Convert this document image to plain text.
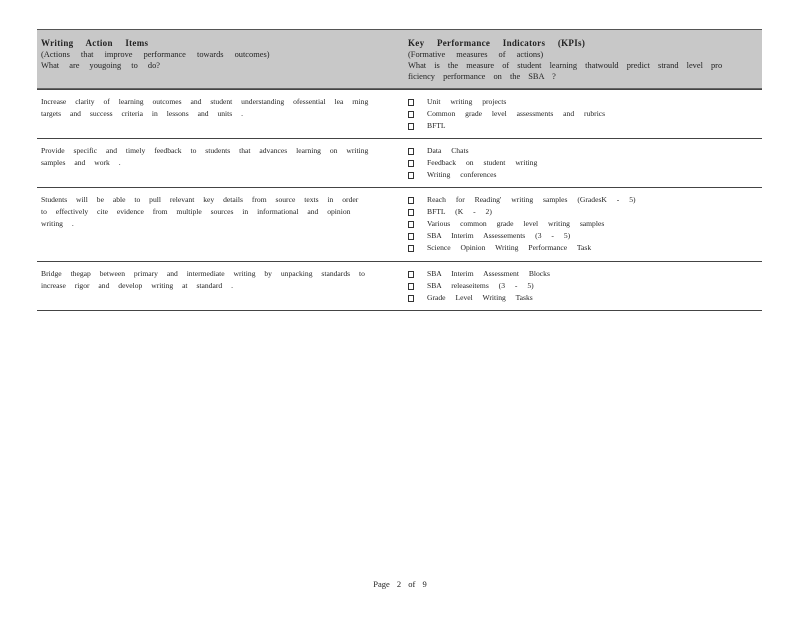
Writing Action Items
(Actions that improve performance towards outcomes)
What are yougoing to do?
Key Performance Indicators (KPIs)
(Formative measures of actions)
What is the measure of student learning thatwould predict strand level pro ficiency performance on the SBA ?
Increase clarity of learning outcomes and student understanding ofessential lea rning targets and success criteria in lessons and units .
Unit writing projects
Common grade level assessments and rubrics
BFTL
Provide specific and timely feedback to students that advances learning on writing samples and work .
Data Chats
Feedback on student writing
Writing conferences
Students will be able to pull relevant key details from source texts in order to effectively cite evidence from multiple sources in informational and opinion writing .
Reach for Reading' writing samples (GradesK - 5)
BFTL (K - 2)
Various common grade level writing samples
SBA Interim Assessements (3 - 5)
Science Opinion Writing Performance Task
Bridge thegap between primary and intermediate writing by unpacking standards to increase rigor and develop writing at standard .
SBA Interim Assessment Blocks
SBA releaseitems (3 - 5)
Grade Level Writing Tasks
Page 2 of 9
